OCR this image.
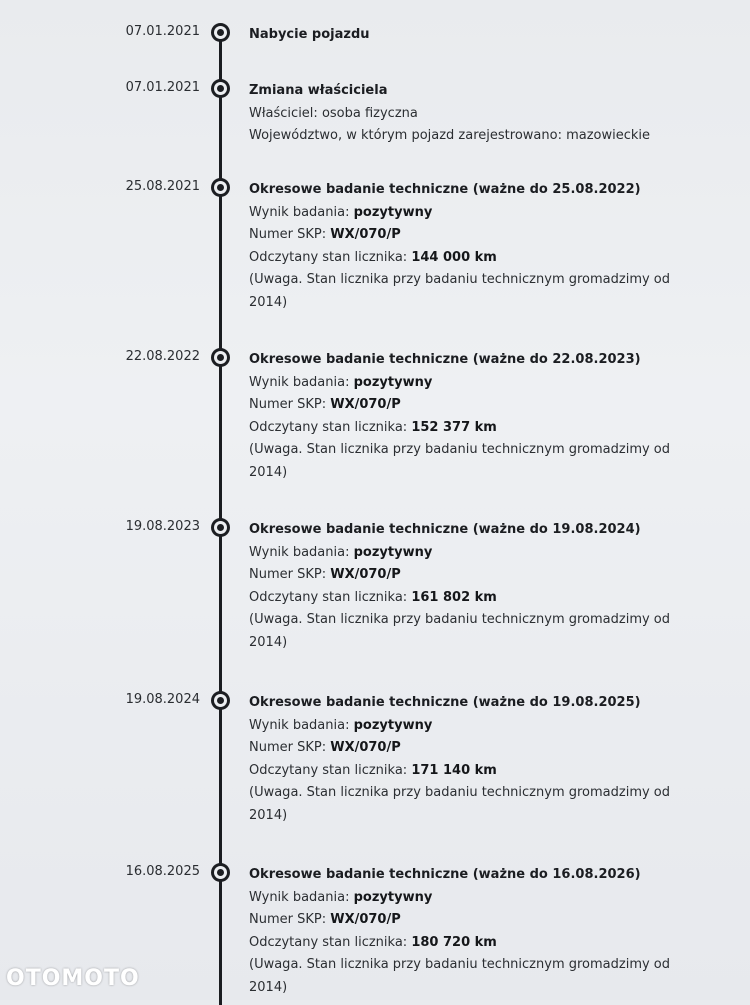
07.01.2021	Nabycie pojazdu
07.01.2021	Zmiana właściciela
Właściciel: osoba fizyczna
Województwo, w którym pojazd zarejestrowano: mazowieckie
25.08.2021	Okresowe badanie techniczne (ważne do 25.08.2022)
Wynik badania: pozytywny
Numer SKP: WX/070/P
Odczytany stan licznika: 144 000 km
(Uwaga. Stan licznika przy badaniu technicznym gromadzimy od
2014)
22.08.2022	Okresowe badanie techniczne (ważne do 22.08.2023)
Wynik badania: pozytywny
Numer SKP: WX/070/P
Odczytany stan licznika: 152 377 km
(Uwaga. Stan licznika przy badaniu technicznym gromadzimy od
2014)
19.08.2023	Okresowe badanie techniczne (ważne do 19.08.2024)
Wynik badania: pozytywny
Numer SKP: WX/070/P
Odczytany stan licznika: 161 802 km
(Uwaga. Stan licznika przy badaniu technicznym gromadzimy od
2014)
19.08.2024	Okresowe badanie techniczne (ważne do 19.08.2025)
Wynik badania: pozytywny
Numer SKP: WX/070/P
Odczytany stan licznika: 171 140 km
(Uwaga. Stan licznika przy badaniu technicznym gromadzimy od
2014)
16.08.2025	Okresowe badanie techniczne (ważne do 16.08.2026)
Wynik badania: pozytywny
Numer SKP: WX/070/P
Odczytany stan licznika: 180 720 km
(Uwaga. Stan licznika przy badaniu technicznym gromadzimy od
2014)
OTOMOTO
